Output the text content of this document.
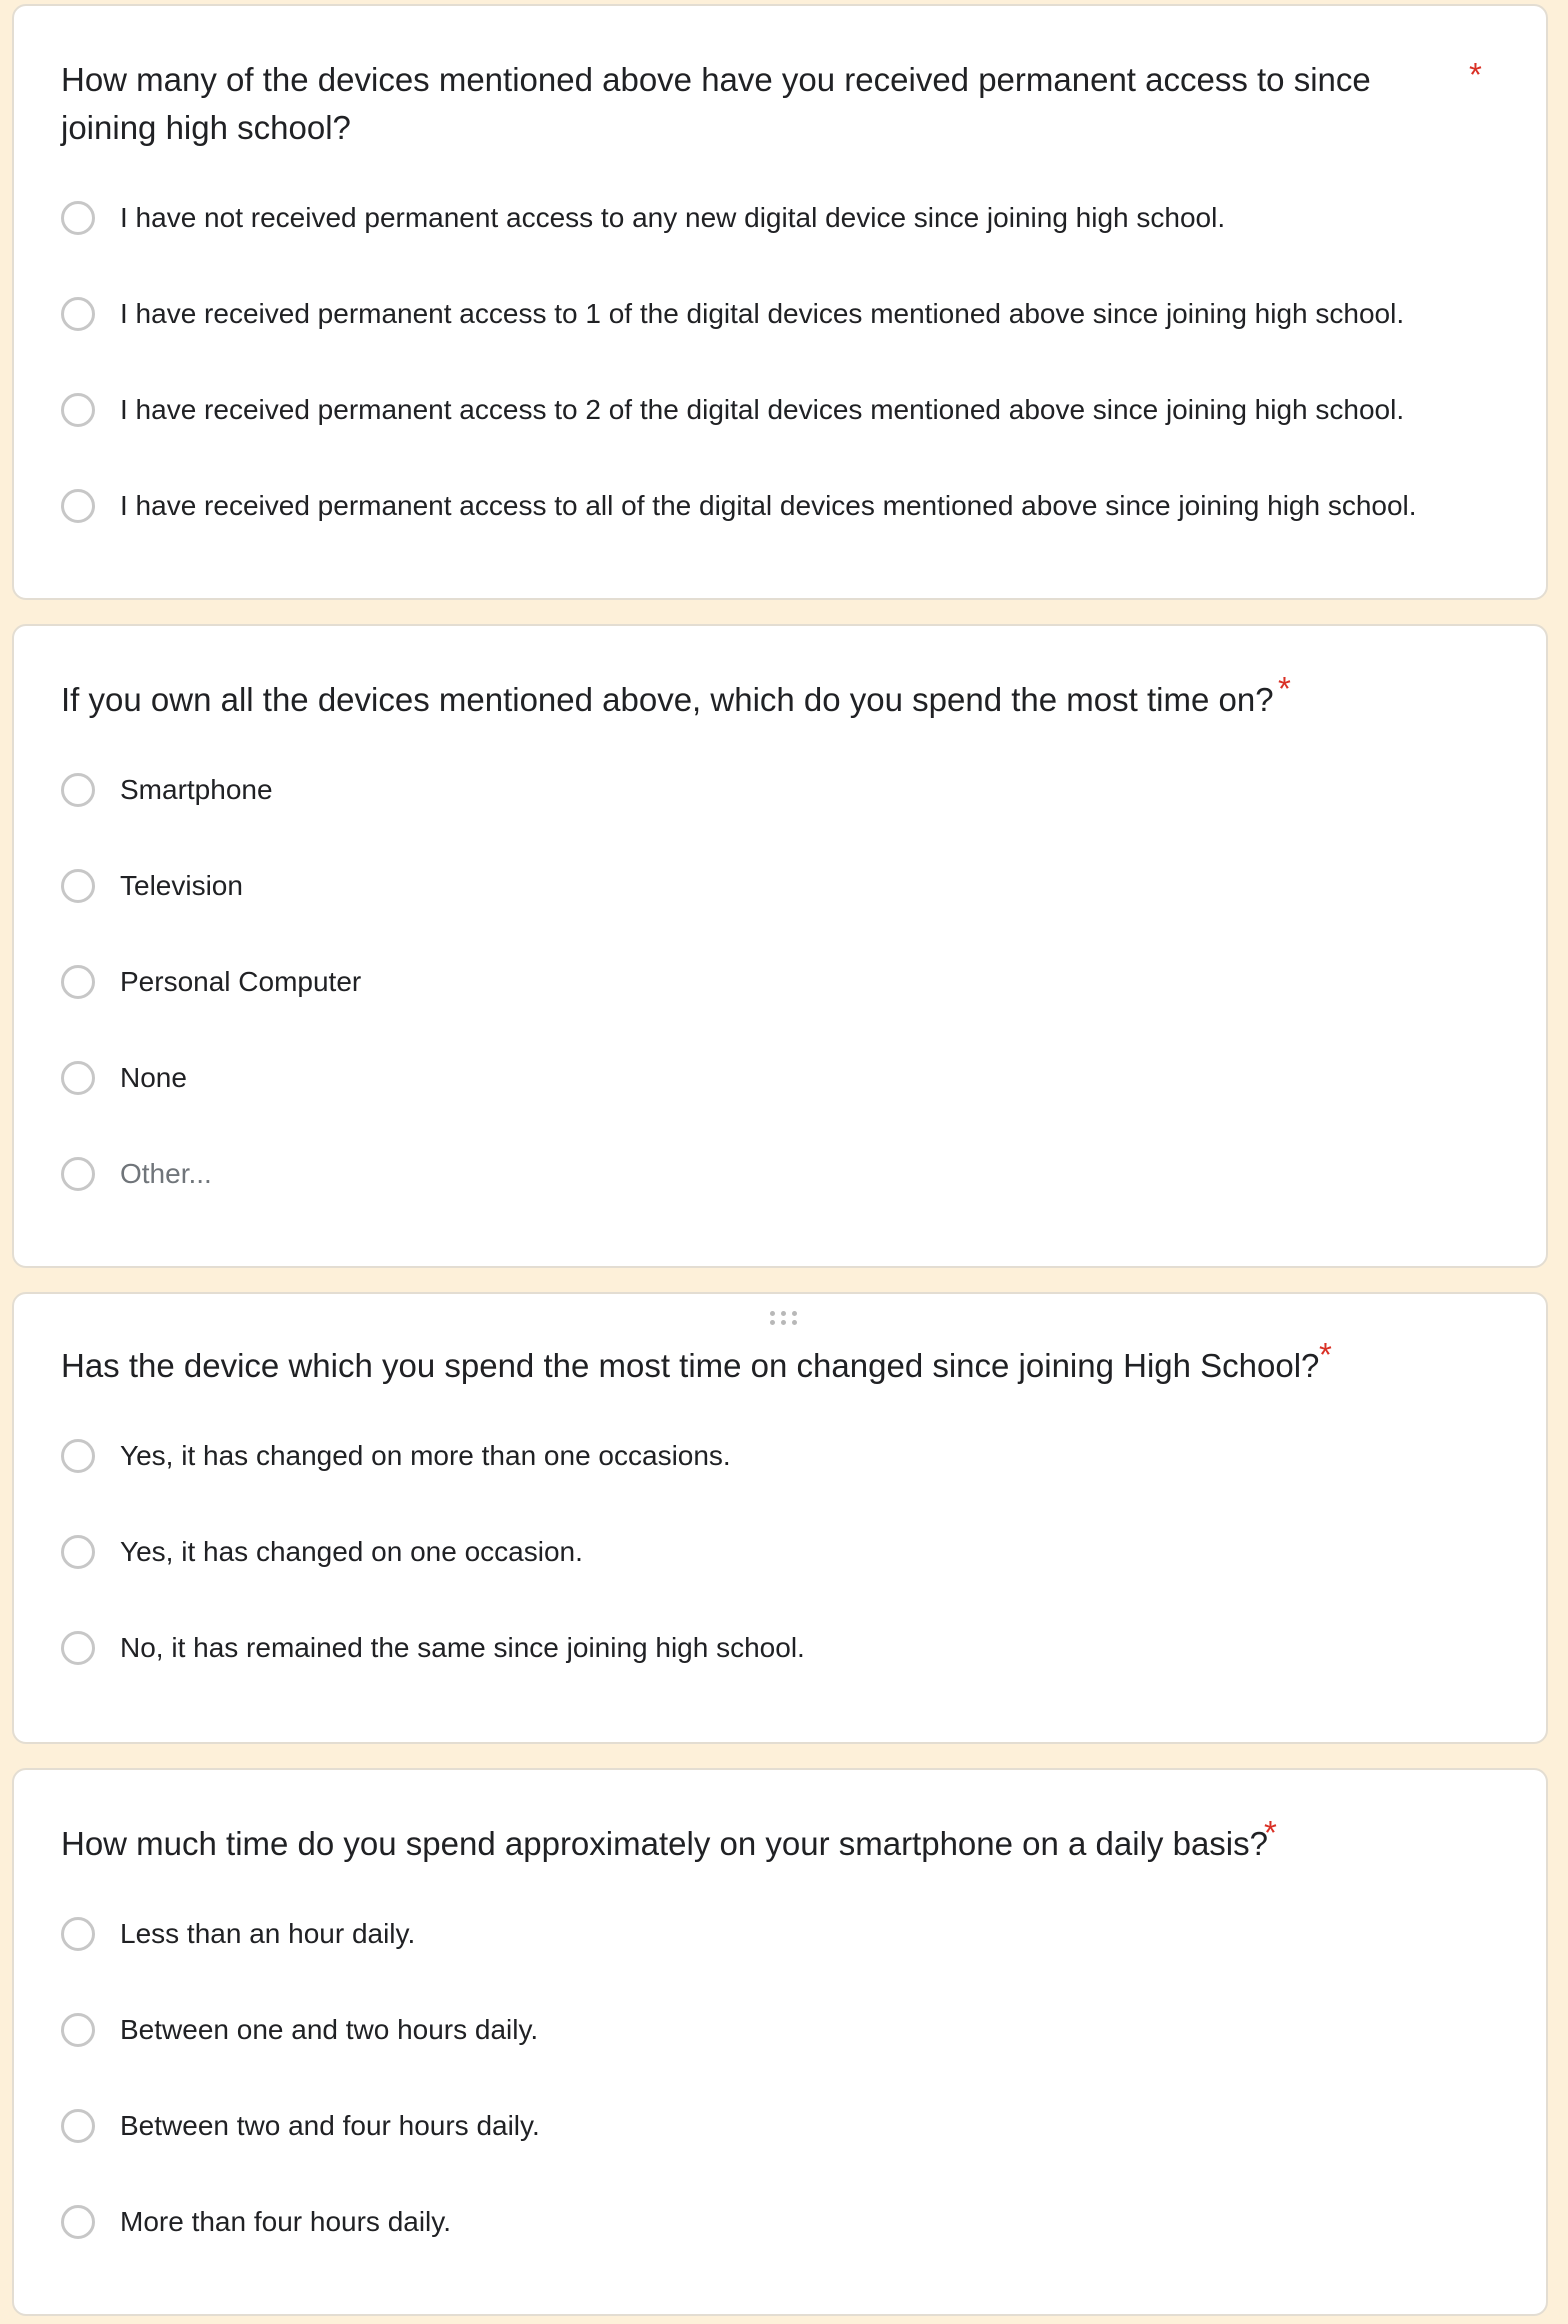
How many of the devices mentioned above have you received permanent access to since
joining high school?
*
I have not received permanent access to any new digital device since joining high school.
I have received permanent access to 1 of the digital devices mentioned above since joining high school.
I have received permanent access to 2 of the digital devices mentioned above since joining high school.
I have received permanent access to all of the digital devices mentioned above since joining high school.
If you own all the devices mentioned above, which do you spend the most time on? *
Smartphone
Television
Personal Computer
None
Other...
Has the device which you spend the most time on changed since joining High School? *
Yes, it has changed on more than one occasions.
Yes, it has changed on one occasion.
No, it has remained the same since joining high school.
How much time do you spend approximately on your smartphone on a daily basis?
*
Less than an hour daily.
Between one and two hours daily.
Between two and four hours daily.
More than four hours daily.
